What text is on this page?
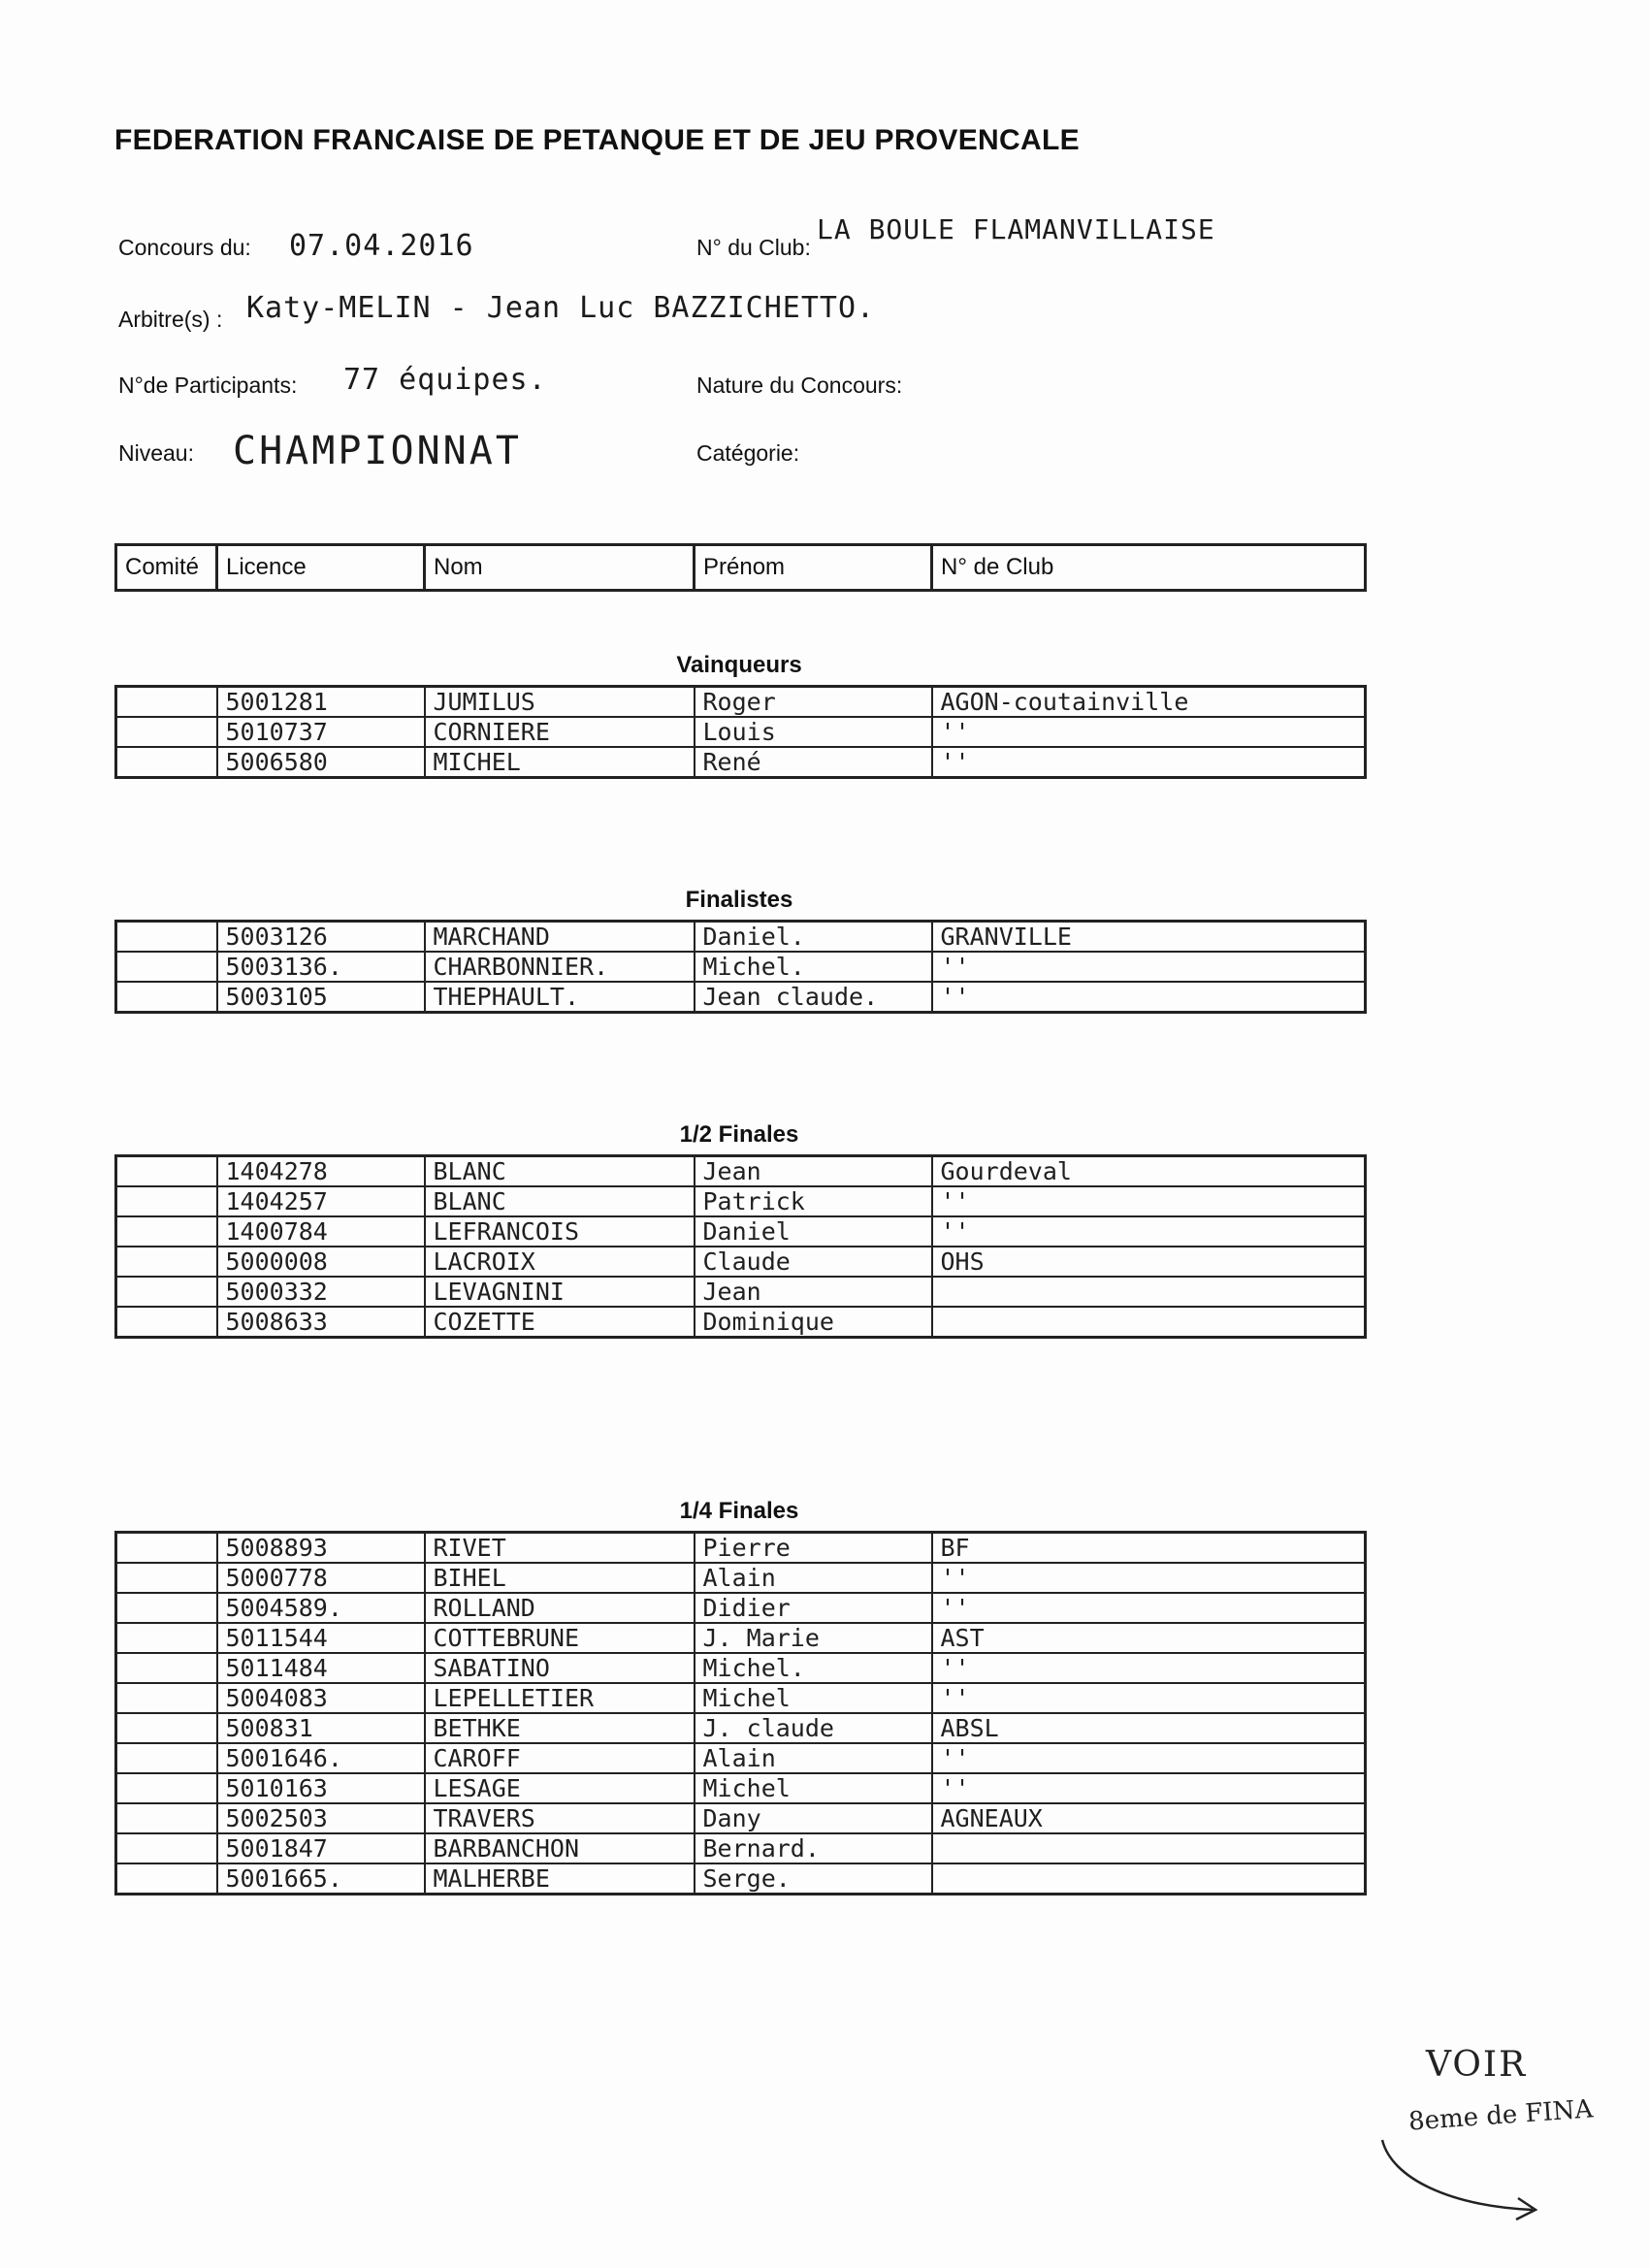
FEDERATION FRANCAISE DE PETANQUE ET DE JEU PROVENCALE
Concours du: 07.04.2016	N° du Club:
LA BOULE FLAMANVILLAISE
Arbitre(s) : Katy-MELIN - Jean Luc BAZZICHETTO.
N°de Participants: 77 équipes.	Nature du Concours:
Niveau: CHAMPIONNAT	Catégorie:
Comité	Licence	Nom	Prénom	N° de Club
Vainqueurs
Finalistes
1/2 Finales
1/4 Finales
	5001281	JUMILUS	Roger	AGON-coutainville
	5010737	CORNIERE	Louis	''
	5006580	MICHEL	René	''
	5003126	MARCHAND	Daniel.	GRANVILLE
	5003136.	CHARBONNIER.	Michel.	''
	5003105	THEPHAULT.	Jean claude.	''
	1404278	BLANC	Jean	Gourdeval
	1404257	BLANC	Patrick	''
	1400784	LEFRANCOIS	Daniel	''
	5000008	LACROIX	Claude	OHS
	5000332	LEVAGNINI	Jean	
	5008633	COZETTE	Dominique	
	5008893	RIVET	Pierre	BF
	5000778	BIHEL	Alain	''
	5004589.	ROLLAND	Didier	''
	5011544	COTTEBRUNE	J. Marie	AST
	5011484	SABATINO	Michel.	''
	5004083	LEPELLETIER	Michel	''
	500831	BETHKE	J. claude	ABSL
	5001646.	CAROFF	Alain	''
	5010163	LESAGE	Michel	''
	5002503	TRAVERS	Dany	AGNEAUX
	5001847	BARBANCHON	Bernard.	
	5001665.	MALHERBE	Serge.	
VOIR
8eme de FINA
